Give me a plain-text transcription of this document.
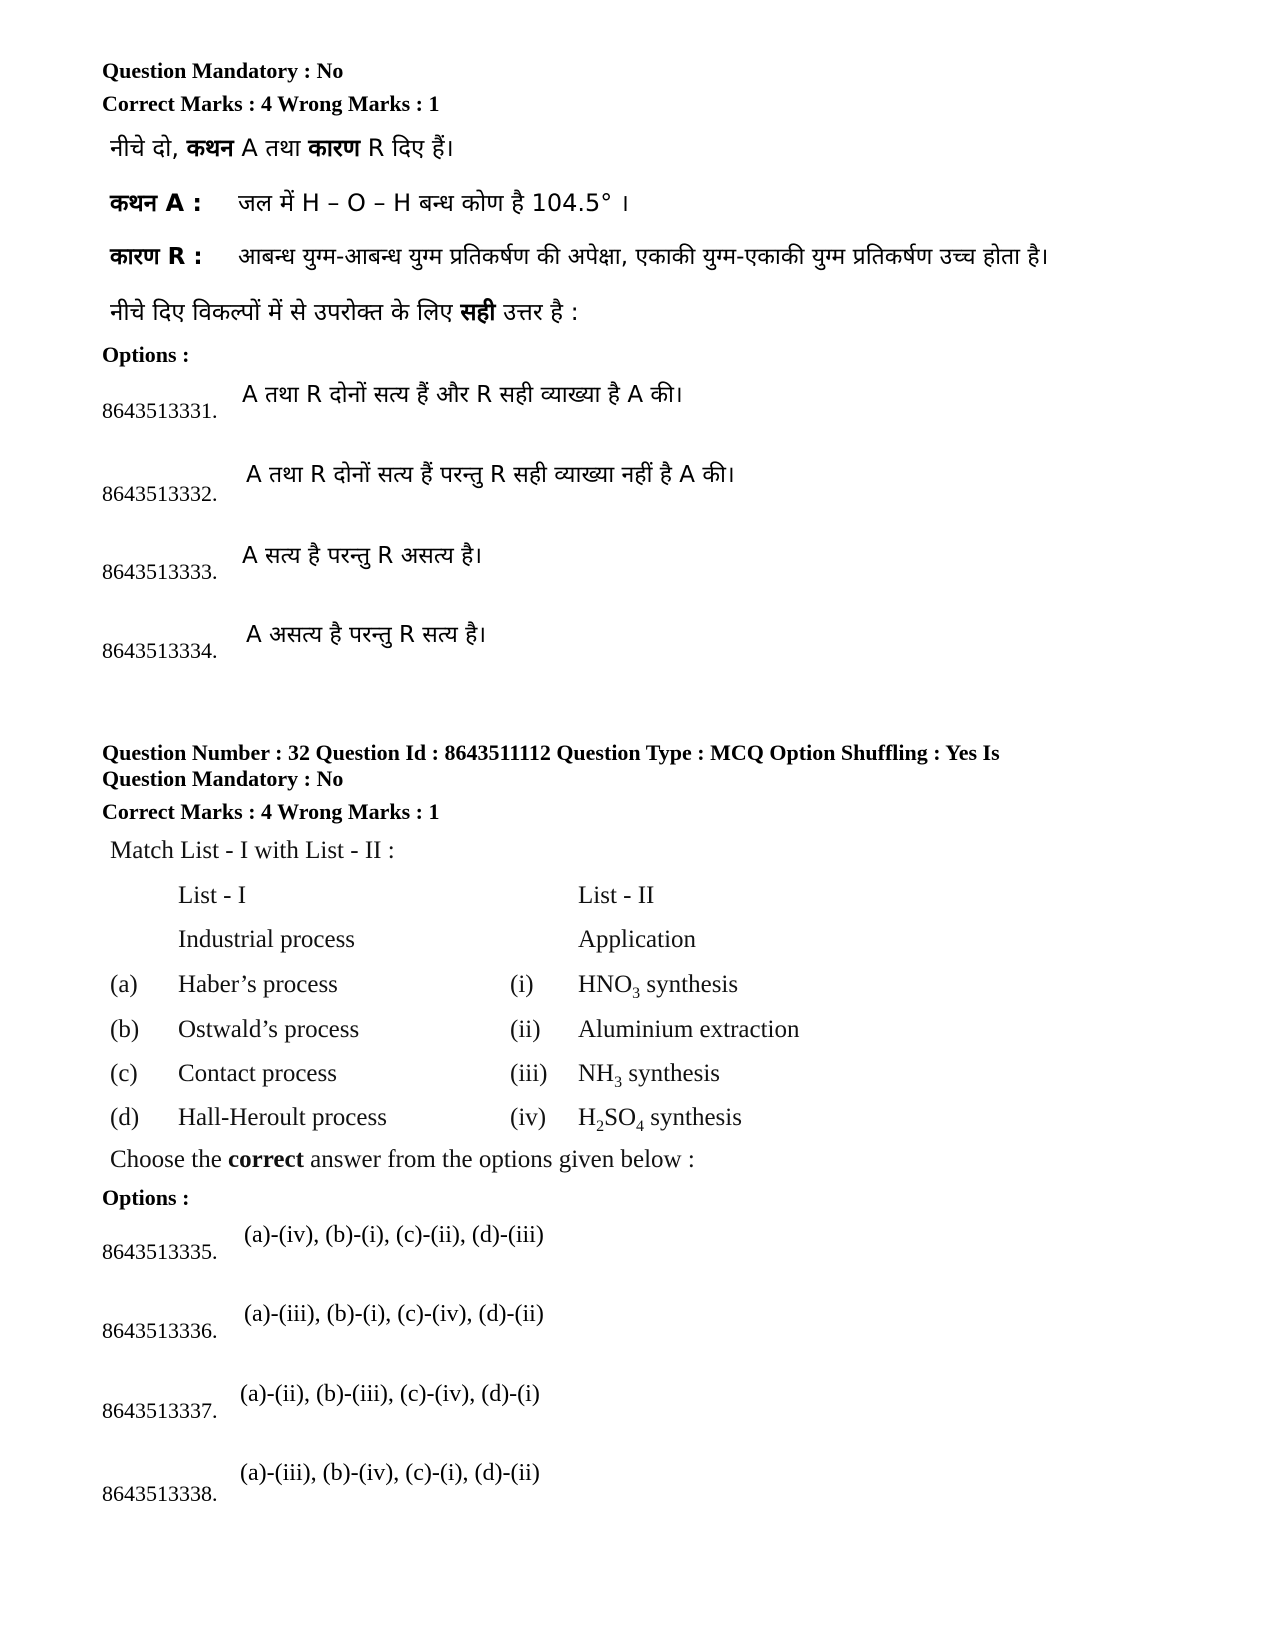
Question Mandatory : No
Correct Marks : 4 Wrong Marks : 1
नीचे दो, कथन A तथा कारण R दिए हैं।
कथन A : जल में H – O – H बन्ध कोण है 104.5° ।
कारण R : आबन्ध युग्म-आबन्ध युग्म प्रतिकर्षण की अपेक्षा, एकाकी युग्म-एकाकी युग्म प्रतिकर्षण उच्च होता है।
नीचे दिए विकल्पों में से उपरोक्त के लिए सही उत्तर है :
Options :
8643513331.
A तथा R दोनों सत्य हैं और R सही व्याख्या है A की।
8643513332.
A तथा R दोनों सत्य हैं परन्तु R सही व्याख्या नहीं है A की।
8643513333.
A सत्य है परन्तु R असत्य है।
8643513334.
A असत्य है परन्तु R सत्य है।
Question Number : 32 Question Id : 8643511112 Question Type : MCQ Option Shuffling : Yes Is
Question Mandatory : No
Correct Marks : 4 Wrong Marks : 1
Match List - I with List - II :
List - I	List - II
Industrial process	Application
(a) Haber’s process	(i) $HNO_3$ synthesis
(b) Ostwald’s process	(ii) Aluminium extraction
(c) Contact process	(iii) $NH_3$ synthesis
(d) Hall-Heroult process	(iv) $H_2SO_4$ synthesis
Choose the correct answer from the options given below :
Options :
8643513335.
(a)-(iv), (b)-(i), (c)-(ii), (d)-(iii)
8643513336.
(a)-(iii), (b)-(i), (c)-(iv), (d)-(ii)
8643513337.
(a)-(ii), (b)-(iii), (c)-(iv), (d)-(i)
8643513338.
(a)-(iii), (b)-(iv), (c)-(i), (d)-(ii)
